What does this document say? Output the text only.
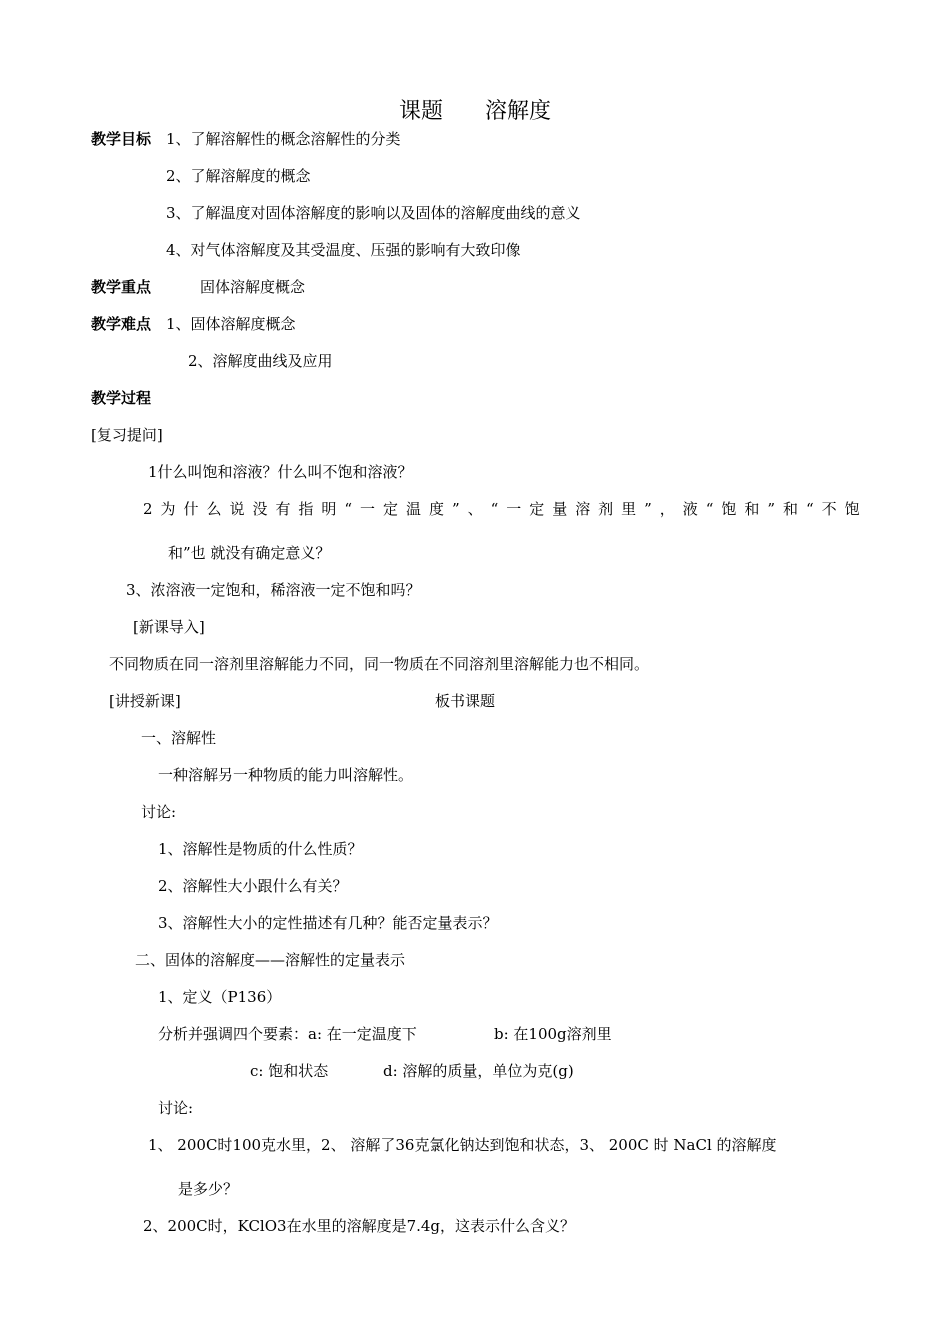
课题      溶解度
教学目标 1、了解溶解性的概念溶解性的分类
2、了解溶解度的概念
3、了解温度对固体溶解度的影响以及固体的溶解度曲线的意义
4、对气体溶解度及其受温度、压强的影响有大致印像
教学重点	固体溶解度概念
教学难点 1、固体溶解度概念
2、溶解度曲线及应用
教学过程
[复习提问]
1什么叫饱和溶液？什么叫不饱和溶液？
2 为 什 么 说 没 有 指 明 “ 一 定 温 度 ” 、 “ 一 定 量 溶 剂 里 ” ， 液 “ 饱 和 ” 和 “ 不 饱
和”也 就没有确定意义？
3、浓溶液一定饱和，稀溶液一定不饱和吗？
[新课导入]
不同物质在同一溶剂里溶解能力不同，同一物质在不同溶剂里溶解能力也不相同。
[讲授新课]	板书课题
一、溶解性
一种溶解另一种物质的能力叫溶解性。
讨论:
1、溶解性是物质的什么性质？
2、溶解性大小跟什么有关？
3、溶解性大小的定性描述有几种？能否定量表示？
二、固体的溶解度——溶解性的定量表示
1、定义（P136）
分析并强调四个要素：a: 在一定温度下	b: 在100g溶剂里
c: 饱和状态	d: 溶解的质量，单位为克(g)
讨论:
1、 200C时100克水里，2、 溶解了36克氯化钠达到饱和状态，3、 200C 时 NaCl 的溶解度
是多少？
2、200C时，KClO3在水里的溶解度是7.4g，这表示什么含义？
